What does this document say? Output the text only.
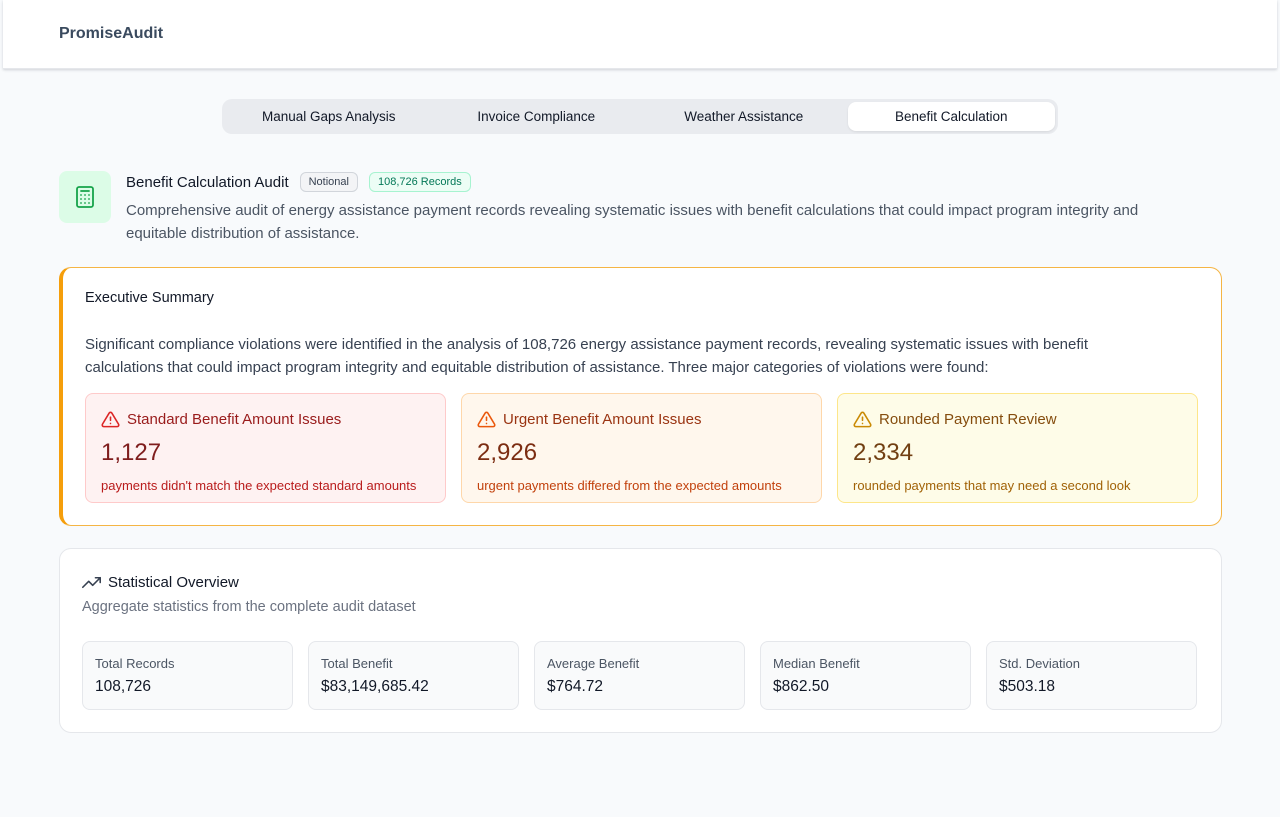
PromiseAudit
Manual Gaps Analysis	Invoice Compliance	Weather Assistance	Benefit Calculation
Benefit Calculation Audit	Notional	108,726 Records
Comprehensive audit of energy assistance payment records revealing systematic issues with benefit calculations that could impact program integrity and equitable distribution of assistance.
Executive Summary
Significant compliance violations were identified in the analysis of 108,726 energy assistance payment records, revealing systematic issues with benefit calculations that could impact program integrity and equitable distribution of assistance. Three major categories of violations were found:
Standard Benefit Amount Issues
1,127
payments didn't match the expected standard amounts
Urgent Benefit Amount Issues
2,926
urgent payments differed from the expected amounts
Rounded Payment Review
2,334
rounded payments that may need a second look
Statistical Overview
Aggregate statistics from the complete audit dataset
Total Records
108,726
Total Benefit
$83,149,685.42
Average Benefit
$764.72
Median Benefit
$862.50
Std. Deviation
$503.18
